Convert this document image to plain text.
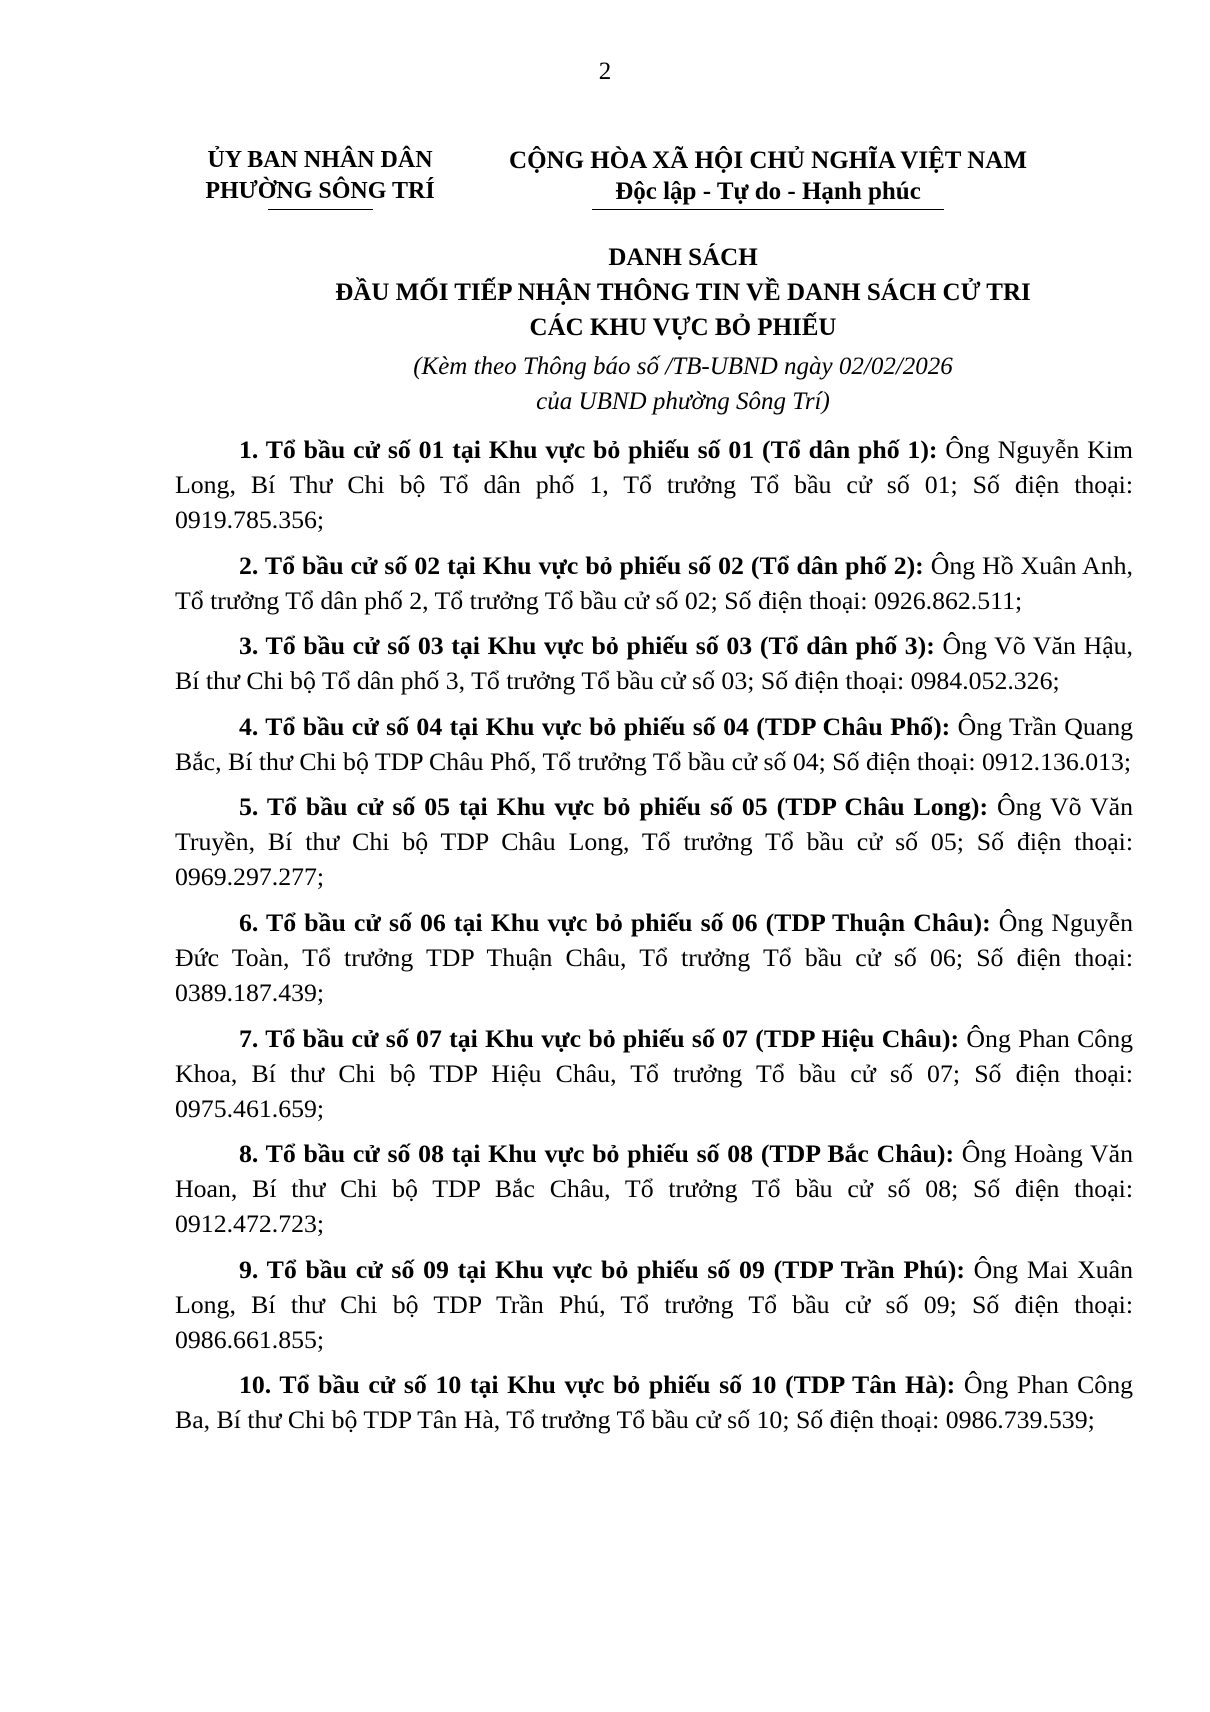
2
ỦY BAN NHÂN DÂN
PHƯỜNG SÔNG TRÍ
CỘNG HÒA XÃ HỘI CHỦ NGHĨA VIỆT NAM
Độc lập - Tự do - Hạnh phúc
DANH SÁCH
ĐẦU MỐI TIẾP NHẬN THÔNG TIN VỀ DANH SÁCH CỬ TRI
CÁC KHU VỰC BỎ PHIẾU
(Kèm theo Thông báo số /TB-UBND ngày 02/02/2026
của UBND phường Sông Trí)

1. Tổ bầu cử số 01 tại Khu vực bỏ phiếu số 01 (Tổ dân phố 1): Ông Nguyễn Kim Long, Bí Thư Chi bộ Tổ dân phố 1, Tổ trưởng Tổ bầu cử số 01; Số điện thoại: 0919.785.356;

2. Tổ bầu cử số 02 tại Khu vực bỏ phiếu số 02 (Tổ dân phố 2): Ông Hồ Xuân Anh, Tổ trưởng Tổ dân phố 2, Tổ trưởng Tổ bầu cử số 02; Số điện thoại: 0926.862.511;

3. Tổ bầu cử số 03 tại Khu vực bỏ phiếu số 03 (Tổ dân phố 3): Ông Võ Văn Hậu, Bí thư Chi bộ Tổ dân phố 3, Tổ trưởng Tổ bầu cử số 03; Số điện thoại: 0984.052.326;

4. Tổ bầu cử số 04 tại Khu vực bỏ phiếu số 04 (TDP Châu Phố): Ông Trần Quang Bắc, Bí thư Chi bộ TDP Châu Phố, Tổ trưởng Tổ bầu cử số 04; Số điện thoại: 0912.136.013;

5. Tổ bầu cử số 05 tại Khu vực bỏ phiếu số 05 (TDP Châu Long): Ông Võ Văn Truyền, Bí thư Chi bộ TDP Châu Long, Tổ trưởng Tổ bầu cử số 05; Số điện thoại: 0969.297.277;

6. Tổ bầu cử số 06 tại Khu vực bỏ phiếu số 06 (TDP Thuận Châu): Ông Nguyễn Đức Toàn, Tổ trưởng TDP Thuận Châu, Tổ trưởng Tổ bầu cử số 06; Số điện thoại: 0389.187.439;

7. Tổ bầu cử số 07 tại Khu vực bỏ phiếu số 07 (TDP Hiệu Châu): Ông Phan Công Khoa, Bí thư Chi bộ TDP Hiệu Châu, Tổ trưởng Tổ bầu cử số 07; Số điện thoại: 0975.461.659;

8. Tổ bầu cử số 08 tại Khu vực bỏ phiếu số 08 (TDP Bắc Châu): Ông Hoàng Văn Hoan, Bí thư Chi bộ TDP Bắc Châu, Tổ trưởng Tổ bầu cử số 08; Số điện thoại: 0912.472.723;

9. Tổ bầu cử số 09 tại Khu vực bỏ phiếu số 09 (TDP Trần Phú): Ông Mai Xuân Long, Bí thư Chi bộ TDP Trần Phú, Tổ trưởng Tổ bầu cử số 09; Số điện thoại: 0986.661.855;

10. Tổ bầu cử số 10 tại Khu vực bỏ phiếu số 10 (TDP Tân Hà): Ông Phan Công Ba, Bí thư Chi bộ TDP Tân Hà, Tổ trưởng Tổ bầu cử số 10; Số điện thoại: 0986.739.539;
